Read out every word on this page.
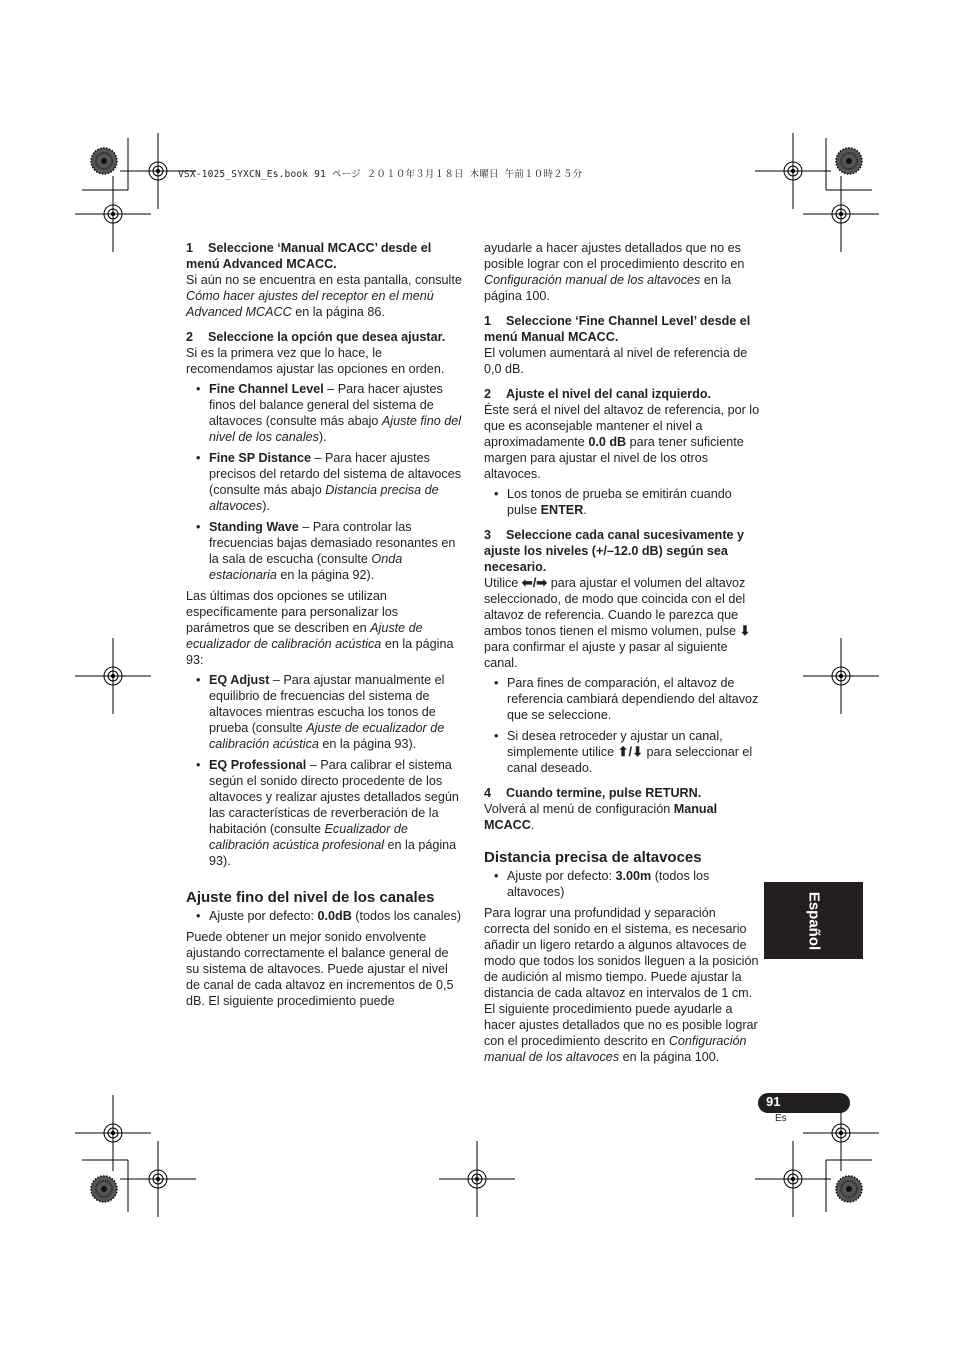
VSX-1025_SYXCN_Es.book 91 ページ ２０１０年３月１８日 木曜日 午前１０時２５分

1 Seleccione ‘Manual MCACC’ desde el menú Advanced MCACC.

Si aún no se encuentra en esta pantalla, consulte Cómo hacer ajustes del receptor en el menú Advanced MCACC en la página 86.

2 Seleccione la opción que desea ajustar.

Si es la primera vez que lo hace, le recomendamos ajustar las opciones en orden.

• Fine Channel Level – Para hacer ajustes finos del balance general del sistema de altavoces (consulte más abajo Ajuste fino del nivel de los canales).
• Fine SP Distance – Para hacer ajustes precisos del retardo del sistema de altavoces (consulte más abajo Distancia precisa de altavoces).
• Standing Wave – Para controlar las frecuencias bajas demasiado resonantes en la sala de escucha (consulte Onda estacionaria en la página 92).

Las últimas dos opciones se utilizan específicamente para personalizar los parámetros que se describen en Ajuste de ecualizador de calibración acústica en la página 93:

• EQ Adjust – Para ajustar manualmente el equilibrio de frecuencias del sistema de altavoces mientras escucha los tonos de prueba (consulte Ajuste de ecualizador de calibración acústica en la página 93).
• EQ Professional – Para calibrar el sistema según el sonido directo procedente de los altavoces y realizar ajustes detallados según las características de reverberación de la habitación (consulte Ecualizador de calibración acústica profesional en la página 93).
Ajuste fino del nivel de los canales
• Ajuste por defecto: 0.0dB (todos los canales)

Puede obtener un mejor sonido envolvente ajustando correctamente el balance general de su sistema de altavoces. Puede ajustar el nivel de canal de cada altavoz en incrementos de 0,5 dB. El siguiente procedimiento puede

ayudarle a hacer ajustes detallados que no es posible lograr con el procedimiento descrito en Configuración manual de los altavoces en la página 100.

1 Seleccione ‘Fine Channel Level’ desde el menú Manual MCACC.

El volumen aumentará al nivel de referencia de 0,0 dB.

2 Ajuste el nivel del canal izquierdo.

Éste será el nivel del altavoz de referencia, por lo que es aconsejable mantener el nivel a aproximadamente 0.0 dB para tener suficiente margen para ajustar el nivel de los otros altavoces.

• Los tonos de prueba se emitirán cuando pulse ENTER.

3 Seleccione cada canal sucesivamente y ajuste los niveles (+/–12.0 dB) según sea necesario.

Utilice ⬅/➡ para ajustar el volumen del altavoz seleccionado, de modo que coincida con el del altavoz de referencia. Cuando le parezca que ambos tonos tienen el mismo volumen, pulse ⬇ para confirmar el ajuste y pasar al siguiente canal.

• Para fines de comparación, el altavoz de referencia cambiará dependiendo del altavoz que se seleccione.
• Si desea retroceder y ajustar un canal, simplemente utilice ⬆/⬇ para seleccionar el canal deseado.

4 Cuando termine, pulse RETURN.

Volverá al menú de configuración Manual MCACC.

Distancia precisa de altavoces
• Ajuste por defecto: 3.00m (todos los altavoces)

Para lograr una profundidad y separación correcta del sonido en el sistema, es necesario añadir un ligero retardo a algunos altavoces de modo que todos los sonidos lleguen a la posición de audición al mismo tiempo. Puede ajustar la distancia de cada altavoz en intervalos de 1 cm. El siguiente procedimiento puede ayudarle a hacer ajustes detallados que no es posible lograr con el procedimiento descrito en Configuración manual de los altavoces en la página 100.

Español
91
Es
